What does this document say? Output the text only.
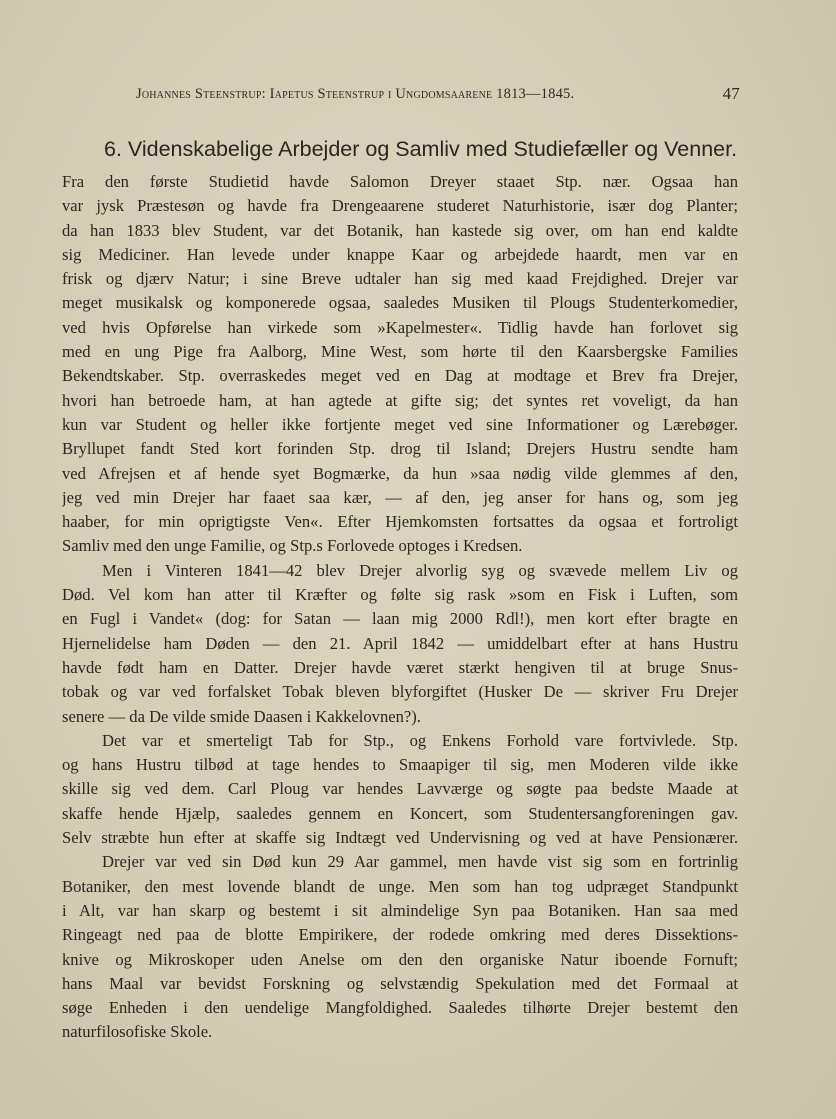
Johannes Steenstrup: Iapetus Steenstrup i Ungdomsaarene 1813—1845.	47
6. Videnskabelige Arbejder og Samliv med Studiefæller og Venner.
Fra den første Studietid havde Salomon Dreyer staaet Stp. nær. Ogsaa han
var jysk Præstesøn og havde fra Drengeaarene studeret Naturhistorie, især dog Planter;
da han 1833 blev Student, var det Botanik, han kastede sig over, om han end kaldte
sig Mediciner. Han levede under knappe Kaar og arbejdede haardt, men var en
frisk og djærv Natur; i sine Breve udtaler han sig med kaad Frejdighed. Drejer var
meget musikalsk og komponerede ogsaa, saaledes Musiken til Plougs Studenterkomedier,
ved hvis Opførelse han virkede som »Kapelmester«. Tidlig havde han forlovet sig
med en ung Pige fra Aalborg, Mine West, som hørte til den Kaarsbergske Families
Bekendtskaber. Stp. overraskedes meget ved en Dag at modtage et Brev fra Drejer,
hvori han betroede ham, at han agtede at gifte sig; det syntes ret voveligt, da han
kun var Student og heller ikke fortjente meget ved sine Informationer og Lærebøger.
Bryllupet fandt Sted kort forinden Stp. drog til Island; Drejers Hustru sendte ham
ved Afrejsen et af hende syet Bogmærke, da hun »saa nødig vilde glemmes af den,
jeg ved min Drejer har faaet saa kær, — af den, jeg anser for hans og, som jeg
haaber, for min oprigtigste Ven«. Efter Hjemkomsten fortsattes da ogsaa et fortroligt
Samliv med den unge Familie, og Stp.s Forlovede optoges i Kredsen.
Men i Vinteren 1841—42 blev Drejer alvorlig syg og svævede mellem Liv og
Død. Vel kom han atter til Kræfter og følte sig rask »som en Fisk i Luften, som
en Fugl i Vandet« (dog: for Satan — laan mig 2000 Rdl!), men kort efter bragte en
Hjernelidelse ham Døden — den 21. April 1842 — umiddelbart efter at hans Hustru
havde født ham en Datter. Drejer havde været stærkt hengiven til at bruge Snus-
tobak og var ved forfalsket Tobak bleven blyforgiftet (Husker De — skriver Fru Drejer
senere — da De vilde smide Daasen i Kakkelovnen?).
Det var et smerteligt Tab for Stp., og Enkens Forhold vare fortvivlede. Stp.
og hans Hustru tilbød at tage hendes to Smaapiger til sig, men Moderen vilde ikke
skille sig ved dem. Carl Ploug var hendes Lavværge og søgte paa bedste Maade at
skaffe hende Hjælp, saaledes gennem en Koncert, som Studentersangforeningen gav.
Selv stræbte hun efter at skaffe sig Indtægt ved Undervisning og ved at have Pensionærer.
Drejer var ved sin Død kun 29 Aar gammel, men havde vist sig som en fortrinlig
Botaniker, den mest lovende blandt de unge. Men som han tog udpræget Standpunkt
i Alt, var han skarp og bestemt i sit almindelige Syn paa Botaniken. Han saa med
Ringeagt ned paa de blotte Empirikere, der rodede omkring med deres Dissektions-
knive og Mikroskoper uden Anelse om den den organiske Natur iboende Fornuft;
hans Maal var bevidst Forskning og selvstændig Spekulation med det Formaal at
søge Enheden i den uendelige Mangfoldighed. Saaledes tilhørte Drejer bestemt den
naturfilosofiske Skole.
